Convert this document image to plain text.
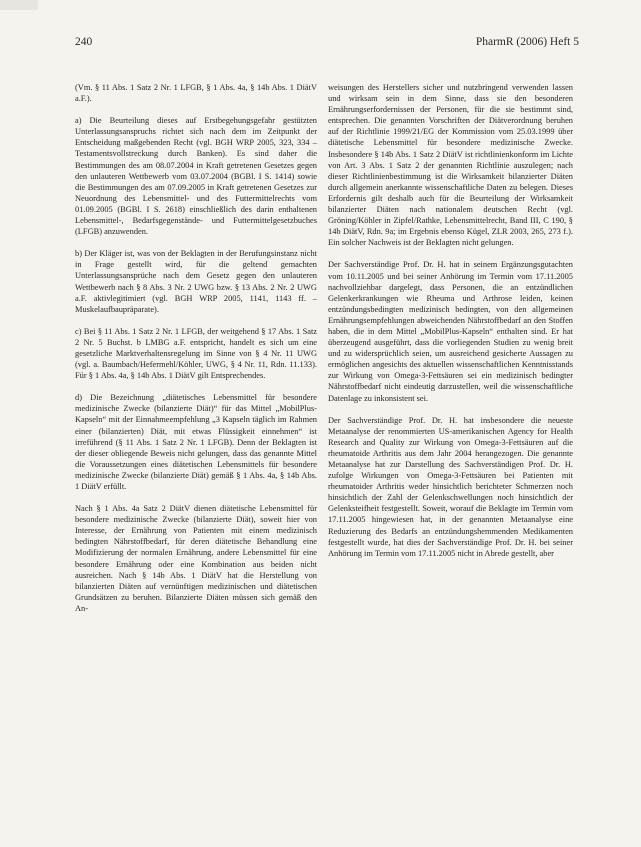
240	PharmR (2006) Heft 5

(Vm. § 11 Abs. 1 Satz 2 Nr. 1 LFGB, § 1 Abs. 4a, § 14b Abs. 1 DiätV a.F.).

a) Die Beurteilung dieses auf Erstbegehungsgefahr gestützten Unterlassungsanspruchs richtet sich nach dem im Zeitpunkt der Entscheidung maßgebenden Recht (vgl. BGH WRP 2005, 323, 334 – Testamentsvollstreckung durch Banken). Es sind daher die Bestimmungen des am 08.07.2004 in Kraft getretenen Gesetzes gegen den unlauteren Wettbewerb vom 03.07.2004 (BGBl. I S. 1414) sowie die Bestimmungen des am 07.09.2005 in Kraft getretenen Gesetzes zur Neuordnung des Lebensmittel- und des Futtermittelrechts vom 01.09.2005 (BGBl. I S. 2618) einschließlich des darin enthaltenen Lebensmittel-, Bedarfsgegenstände- und Futtermittelgesetzbuches (LFGB) anzuwenden.

b) Der Kläger ist, was von der Beklagten in der Berufungsinstanz nicht in Frage gestellt wird, für die geltend gemachten Unterlassungsansprüche nach dem Gesetz gegen den unlauteren Wettbewerb nach § 8 Abs. 3 Nr. 2 UWG bzw. § 13 Abs. 2 Nr. 2 UWG a.F. aktivlegitimiert (vgl. BGH WRP 2005, 1141, 1143 ff. – Muskelaufbaupräparate).

c) Bei § 11 Abs. 1 Satz 2 Nr. 1 LFGB, der weitgehend § 17 Abs. 1 Satz 2 Nr. 5 Buchst. b LMBG a.F. entspricht, handelt es sich um eine gesetzliche Marktverhaltensregelung im Sinne von § 4 Nr. 11 UWG (vgl. a. Baumbach/Hefermehl/Köhler, UWG, § 4 Nr. 11, Rdn. 11.133). Für § 1 Abs. 4a, § 14b Abs. 1 DiätV gilt Entsprechendes.

d) Die Bezeichnung „diätetisches Lebensmittel für besondere medizinische Zwecke (bilanzierte Diät)“ für das Mittel „MobilPlus-Kapseln“ mit der Einnahmeempfehlung „3 Kapseln täglich im Rahmen einer (bilanzierten) Diät, mit etwas Flüssigkeit einnehmen“ ist irreführend (§ 11 Abs. 1 Satz 2 Nr. 1 LFGB). Denn der Beklagten ist der dieser obliegende Beweis nicht gelungen, dass das genannte Mittel die Voraussetzungen eines diätetischen Lebensmittels für besondere medizinische Zwecke (bilanzierte Diät) gemäß § 1 Abs. 4a, § 14b Abs. 1 DiätV erfüllt.

Nach § 1 Abs. 4a Satz 2 DiätV dienen diätetische Lebensmittel für besondere medizinische Zwecke (bilanzierte Diät), soweit hier von Interesse, der Ernährung von Patienten mit einem medizinisch bedingten Nährstoffbedarf, für deren diätetische Behandlung eine Modifizierung der normalen Ernährung, andere Lebensmittel für eine besondere Ernährung oder eine Kombination aus beiden nicht ausreichen. Nach § 14b Abs. 1 DiätV hat die Herstellung von bilanzierten Diäten auf vernünftigen medizinischen und diätetischen Grundsätzen zu beruhen. Bilanzierte Diäten müssen sich gemäß den An-

weisungen des Herstellers sicher und nutzbringend verwenden lassen und wirksam sein in dem Sinne, dass sie den besonderen Ernährungserfordernissen der Personen, für die sie bestimmt sind, entsprechen. Die genannten Vorschriften der Diätverordnung beruhen auf der Richtlinie 1999/21/EG der Kommission vom 25.03.1999 über diätetische Lebensmittel für besondere medizinische Zwecke. Insbesondere § 14b Abs. 1 Satz 2 DiätV ist richtlinienkonform im Lichte von Art. 3 Abs. 1 Satz 2 der genannten Richtlinie auszulegen; nach dieser Richtlinienbestimmung ist die Wirksamkeit bilanzierter Diäten durch allgemein anerkannte wissenschaftliche Daten zu belegen. Dieses Erfordernis gilt deshalb auch für die Beurteilung der Wirksamkeit bilanzierter Diäten nach nationalem deutschen Recht (vgl. Gröning/Köhler in Zipfel/Rathke, Lebensmittelrecht, Band III, C 190, § 14b DiätV, Rdn. 9a; im Ergebnis ebenso Kügel, ZLR 2003, 265, 273 f.). Ein solcher Nachweis ist der Beklagten nicht gelungen.

Der Sachverständige Prof. Dr. H. hat in seinem Ergänzungsgutachten vom 10.11.2005 und bei seiner Anhörung im Termin vom 17.11.2005 nachvollziehbar dargelegt, dass Personen, die an entzündlichen Gelenkerkrankungen wie Rheuma und Arthrose leiden, keinen entzündungsbedingten medizinisch bedingten, von den allgemeinen Ernährungsempfehlungen abweichenden Nährstoffbedarf an den Stoffen haben, die in dem Mittel „MobilPlus-Kapseln“ enthalten sind. Er hat überzeugend ausgeführt, dass die vorliegenden Studien zu wenig breit und zu widersprüchlich seien, um ausreichend gesicherte Aussagen zu ermöglichen angesichts des aktuellen wissenschaftlichen Kenntnisstands zur Wirkung von Omega-3-Fettsäuren sei ein medizinisch bedingter Nährstoffbedarf nicht eindeutig darzustellen, weil die wissenschaftliche Datenlage zu inkonsistent sei.

Der Sachverständige Prof. Dr. H. hat insbesondere die neueste Metaanalyse der renommierten US-amerikanischen Agency for Health Research and Quality zur Wirkung von Omega-3-Fettsäuren auf die rheumatoide Arthritis aus dem Jahr 2004 herangezogen. Die genannte Metaanalyse hat zur Darstellung des Sachverständigen Prof. Dr. H. zufolge Wirkungen von Omega-3-Fettsäuren bei Patienten mit rheumatoider Arthritis weder hinsichtlich berichteter Schmerzen noch hinsichtlich der Zahl der Gelenkschwellungen noch hinsichtlich der Gelenksteifheit festgestellt. Soweit, worauf die Beklagte im Termin vom 17.11.2005 hingewiesen hat, in der genannten Metaanalyse eine Reduzierung des Bedarfs an entzündungshemmenden Medikamenten festgestellt wurde, hat dies der Sachverständige Prof. Dr. H. bei seiner Anhörung im Termin vom 17.11.2005 nicht in Abrede gestellt, aber
